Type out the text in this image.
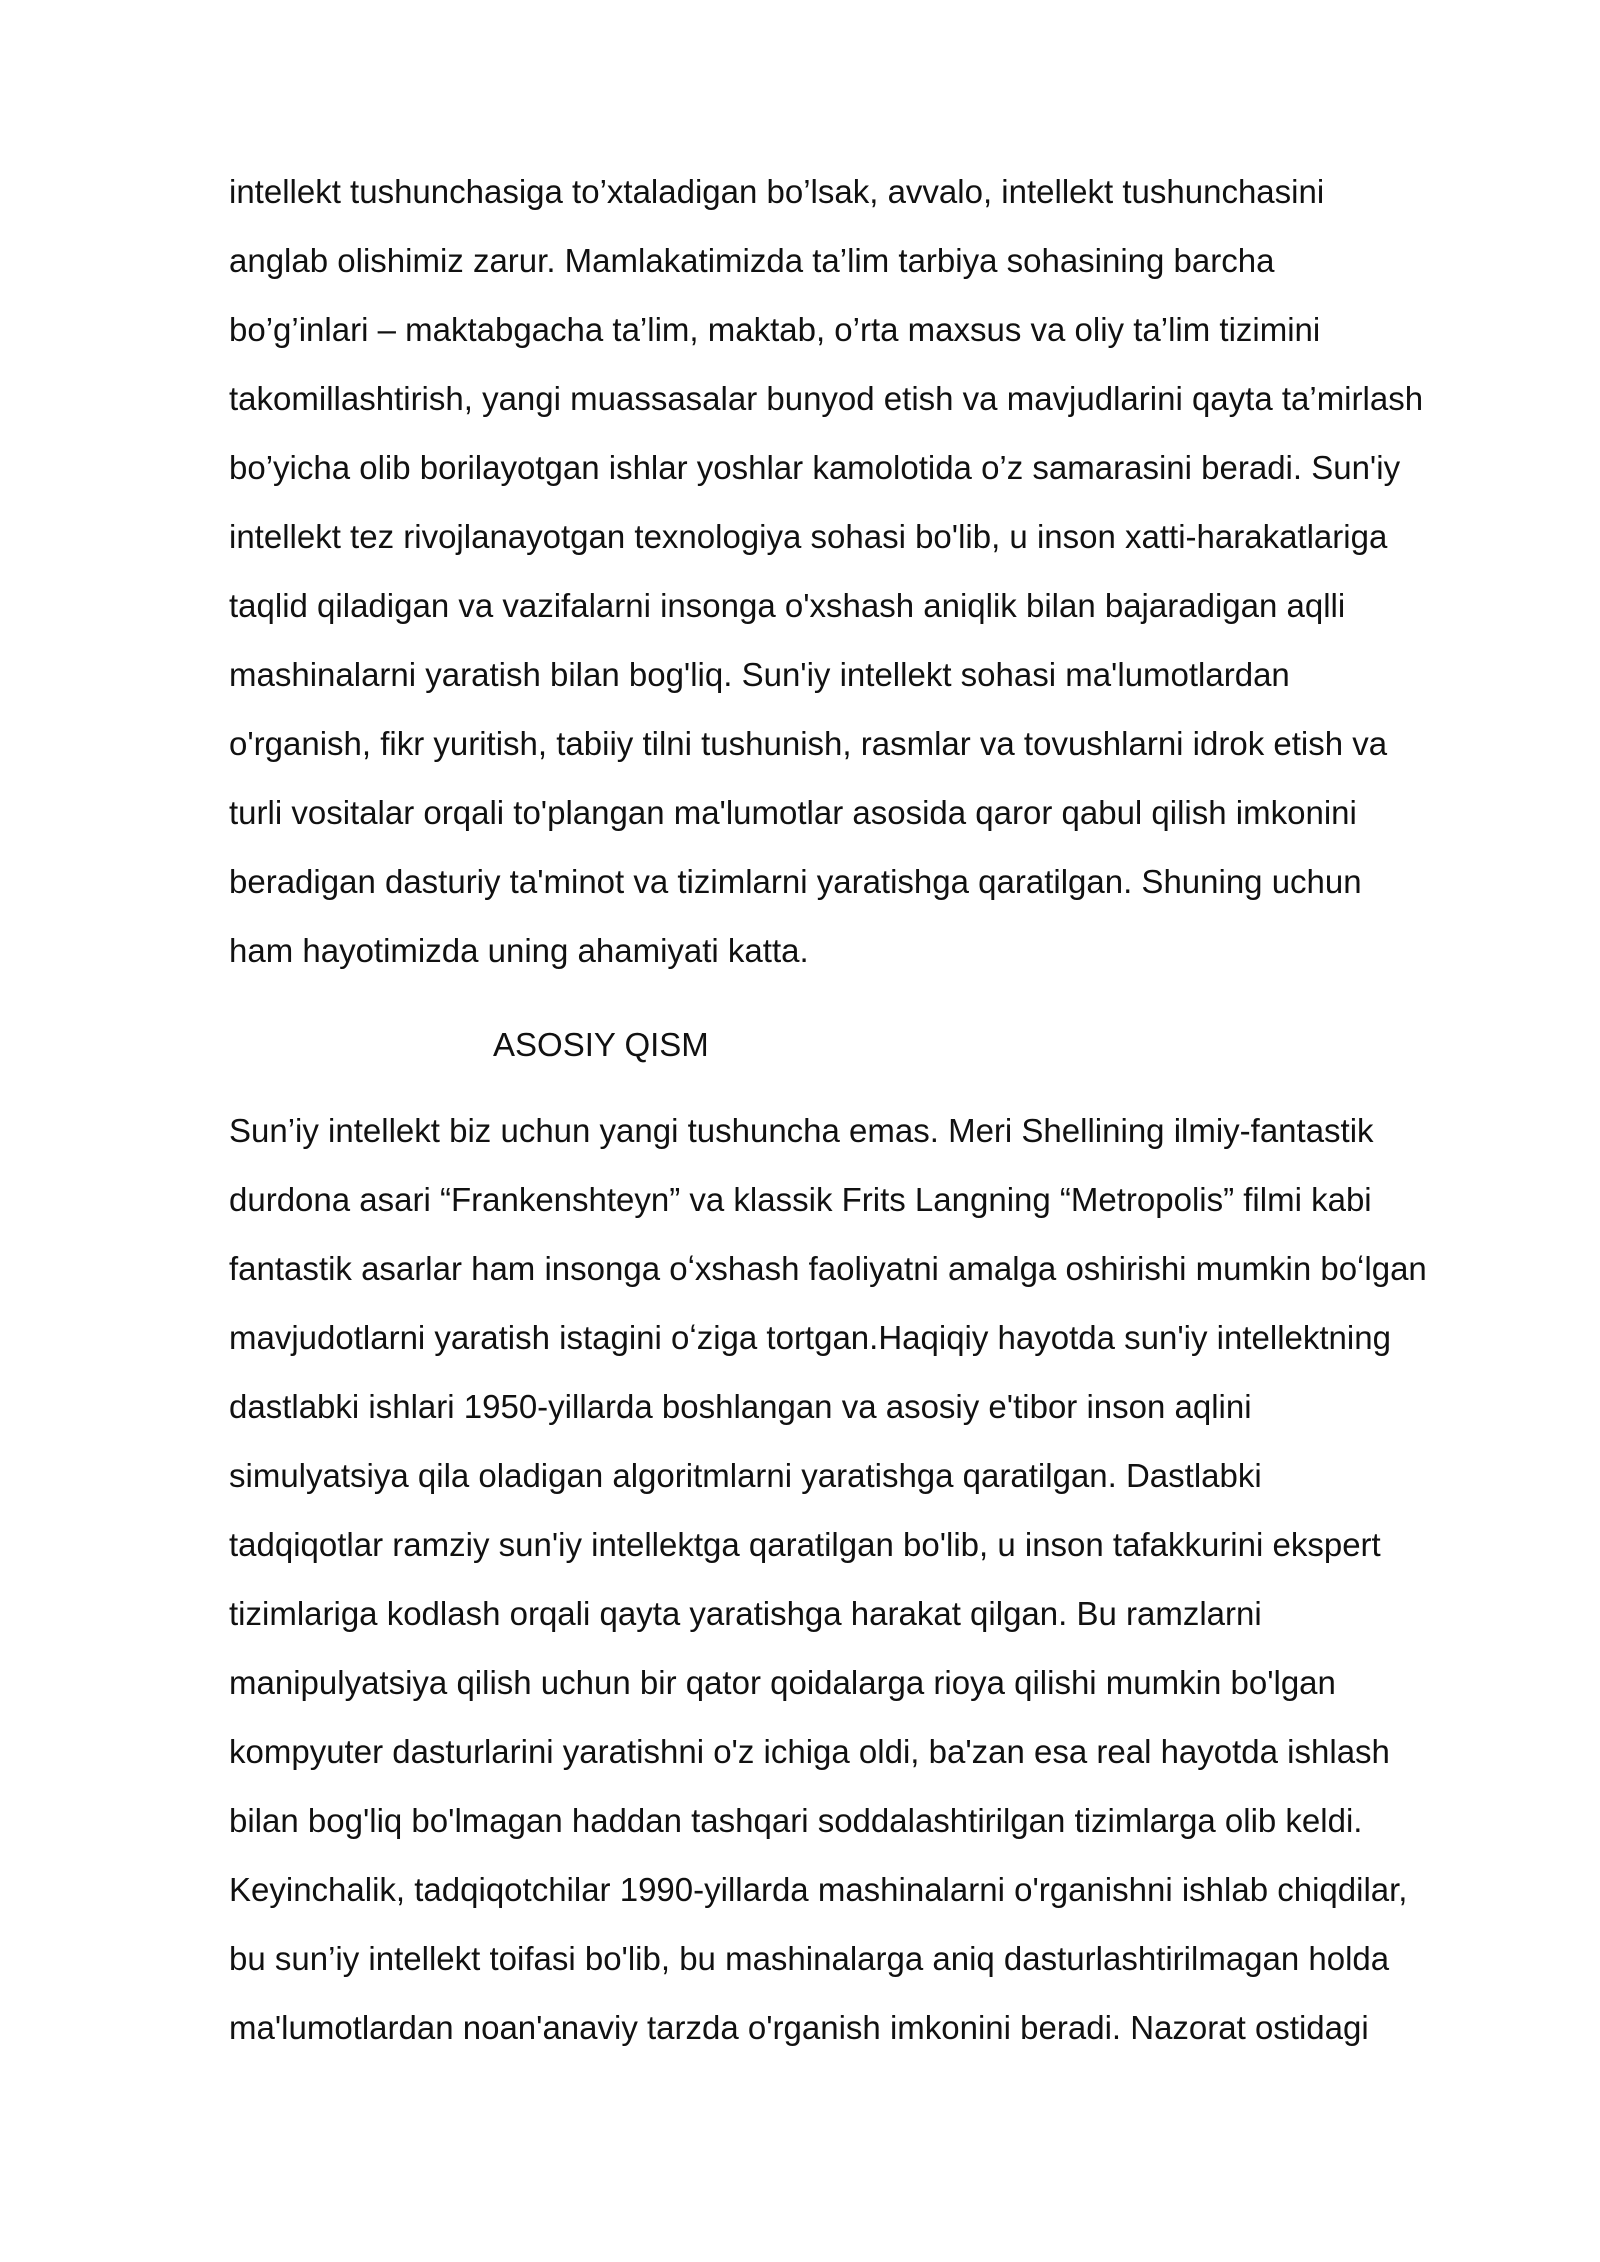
intellekt tushunchasiga to’xtaladigan bo’lsak, avvalo, intellekt tushunchasini
anglab olishimiz zarur. Mamlakatimizda ta’lim tarbiya sohasining barcha
bo’g’inlari – maktabgacha ta’lim, maktab, o’rta maxsus va oliy ta’lim tizimini
takomillashtirish, yangi muassasalar bunyod etish va mavjudlarini qayta ta’mirlash
bo’yicha olib borilayotgan ishlar yoshlar kamolotida o’z samarasini beradi. Sun'iy
intellekt tez rivojlanayotgan texnologiya sohasi bo'lib, u inson xatti-harakatlariga
taqlid qiladigan va vazifalarni insonga o'xshash aniqlik bilan bajaradigan aqlli
mashinalarni yaratish bilan bog'liq. Sun'iy intellekt sohasi ma'lumotlardan
o'rganish, fikr yuritish, tabiiy tilni tushunish, rasmlar va tovushlarni idrok etish va
turli vositalar orqali to'plangan ma'lumotlar asosida qaror qabul qilish imkonini
beradigan dasturiy ta'minot va tizimlarni yaratishga qaratilgan. Shuning uchun
ham hayotimizda uning ahamiyati katta.

ASOSIY QISM

Sun’iy intellekt biz uchun yangi tushuncha emas. Meri Shellining ilmiy-fantastik
durdona asari “Frankenshteyn” va klassik Frits Langning “Metropolis” filmi kabi
fantastik asarlar ham insonga oʻxshash faoliyatni amalga oshirishi mumkin boʻlgan
mavjudotlarni yaratish istagini oʻziga tortgan.Haqiqiy hayotda sun'iy intellektning
dastlabki ishlari 1950-yillarda boshlangan va asosiy e'tibor inson aqlini
simulyatsiya qila oladigan algoritmlarni yaratishga qaratilgan. Dastlabki
tadqiqotlar ramziy sun'iy intellektga qaratilgan bo'lib, u inson tafakkurini ekspert
tizimlariga kodlash orqali qayta yaratishga harakat qilgan. Bu ramzlarni
manipulyatsiya qilish uchun bir qator qoidalarga rioya qilishi mumkin bo'lgan
kompyuter dasturlarini yaratishni o'z ichiga oldi, ba'zan esa real hayotda ishlash
bilan bog'liq bo'lmagan haddan tashqari soddalashtirilgan tizimlarga olib keldi.
Keyinchalik, tadqiqotchilar 1990-yillarda mashinalarni o'rganishni ishlab chiqdilar,
bu sun’iy intellekt toifasi bo'lib, bu mashinalarga aniq dasturlashtirilmagan holda
ma'lumotlardan noan'anaviy tarzda o'rganish imkonini beradi. Nazorat ostidagi
